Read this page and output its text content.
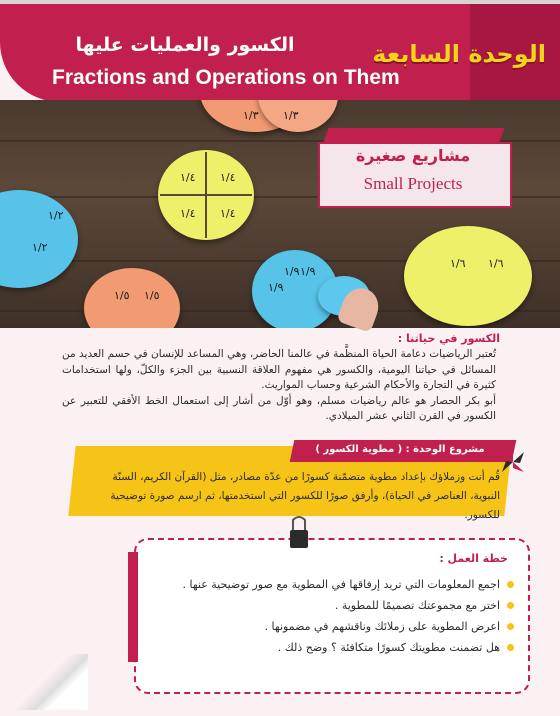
الوحدة السابعة
الكسور والعمليات عليها
Fractions and Operations on Them
١/٣ ١/٣
١/٤ ١/٤
١/٤ ١/٤
١/٢
١/٢
١/٥ ١/٥
١/٩ ١/٩
١/٩
١/٦ ١/٦
مشاريع صغيرة
Small Projects
الكسور في حياتنا :
تُعتبر الرياضيات دعامة الحياة المنظَّمة في عالمنا الحاضر، وهي المساعد للإنسان في حسم العديد من المسائل في حياتنا اليومية، والكسور هي مفهوم العلاقة النسبية بين الجزء والكلّ، ولها استخدامات كثيرة في التجارة والأحكام الشرعية وحساب المواريث.
أبو بكر الحصار هو عالم رياضيات مسلم، وهو أوّل من أشار إلى استعمال الخط الأفقي للتعبير عن الكسور في القرن الثاني عشر الميلادي.
مشروع الوحدة : ( مطوية الكسور )
قُم أنت وزملاؤك بإعداد مطوية متضمّنة كسورًا من عدّة مصادر، مثل (القرآن الكريم، السنّة النبوية، العناصر في الحياة)، وأرفق صورًا للكسور التي استخدمتها، ثم ارسم صورة توضيحية للكسور.
خطة العمل :
اجمع المعلومات التي تريد إرفاقها في المطوية مع صور توضيحية عنها .
اختر مع مجموعتك تصميمًا للمطوية .
اعرض المطوية على زملائك وناقشهم في مضمونها .
هل تضمنت مطويتك كسورًا متكافئة ؟ وضح ذلك .
